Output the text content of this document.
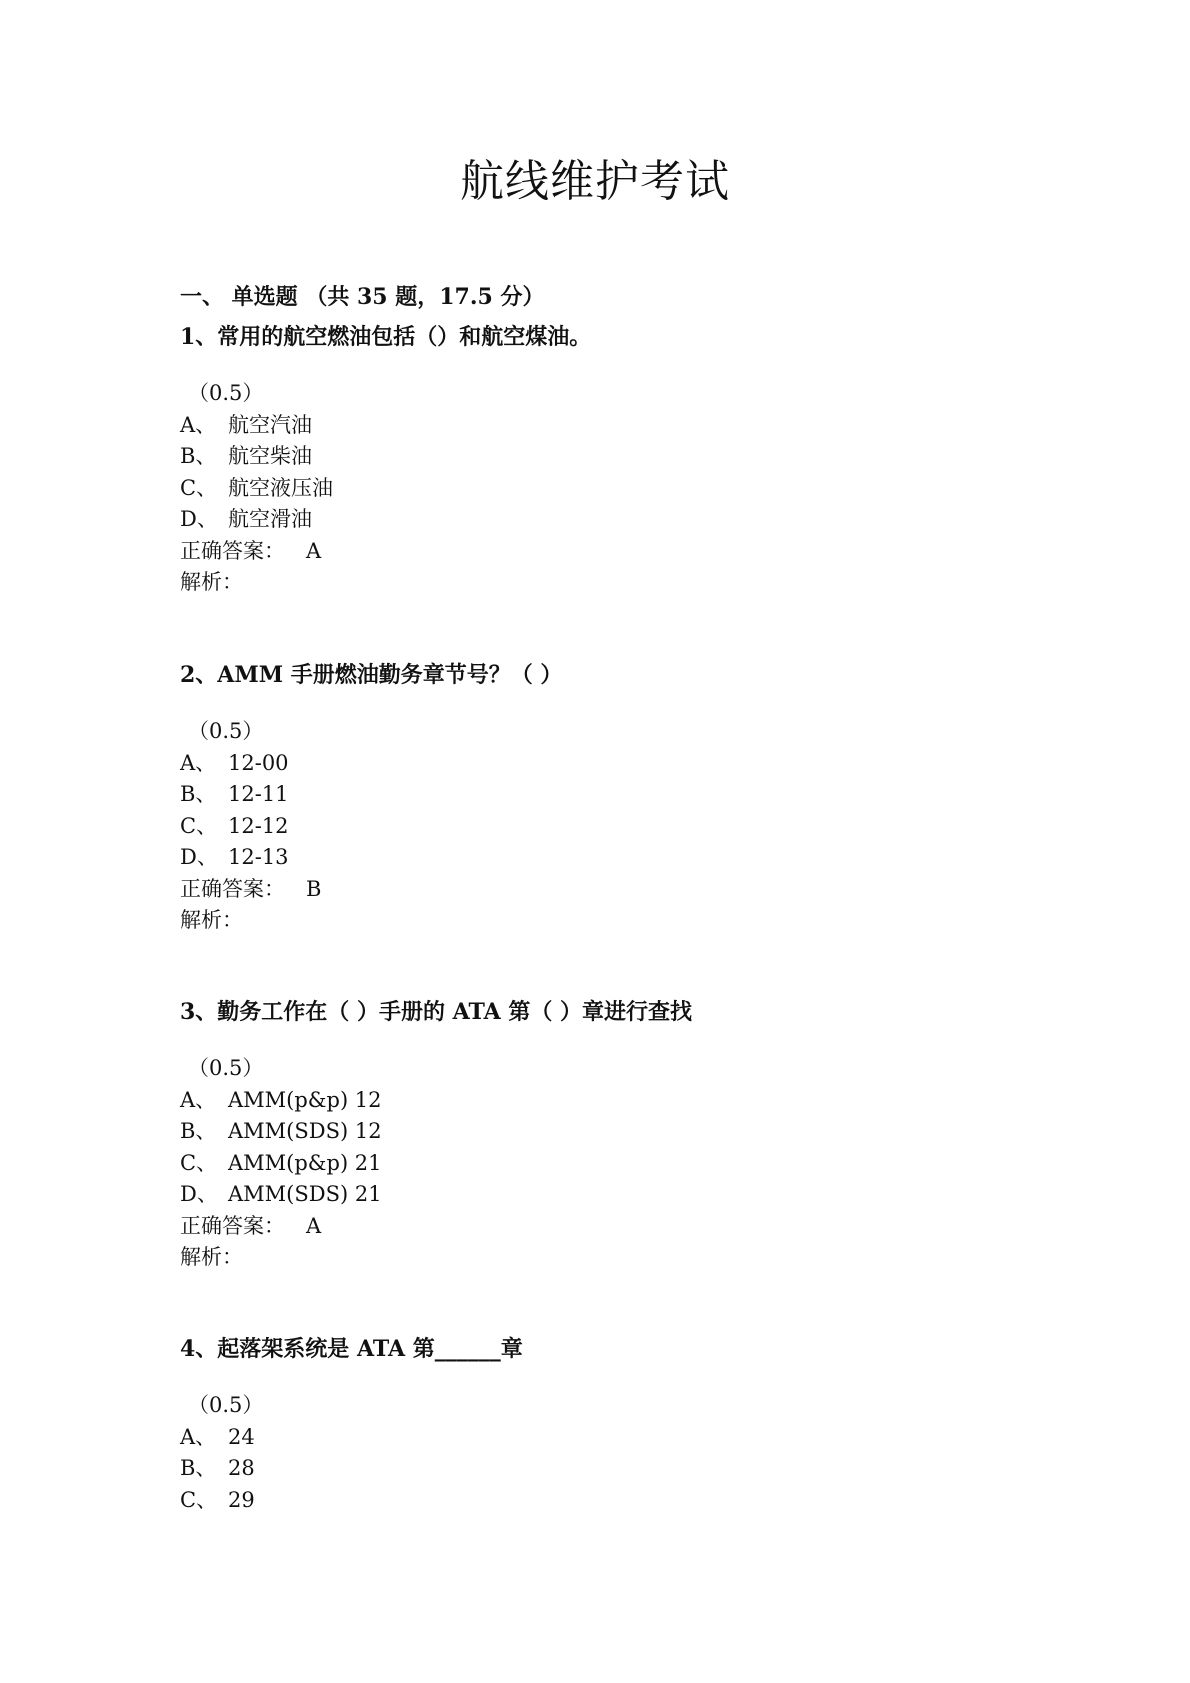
航线维护考试
一、 单选题 （共 35 题，17.5 分）
1、常用的航空燃油包括（）和航空煤油。
（0.5）
A、 航空汽油
B、 航空柴油
C、 航空液压油
D、 航空滑油
正确答案： A
解析：
2、AMM 手册燃油勤务章节号？（ ）
（0.5）
A、 12-00
B、 12-11
C、 12-12
D、 12-13
正确答案： B
解析：
3、勤务工作在（ ）手册的 ATA 第（ ）章进行查找
（0.5）
A、 AMM(p&p) 12
B、 AMM(SDS) 12
C、 AMM(p&p) 21
D、 AMM(SDS) 21
正确答案： A
解析：
4、起落架系统是 ATA 第______章
（0.5）
A、 24
B、 28
C、 29
